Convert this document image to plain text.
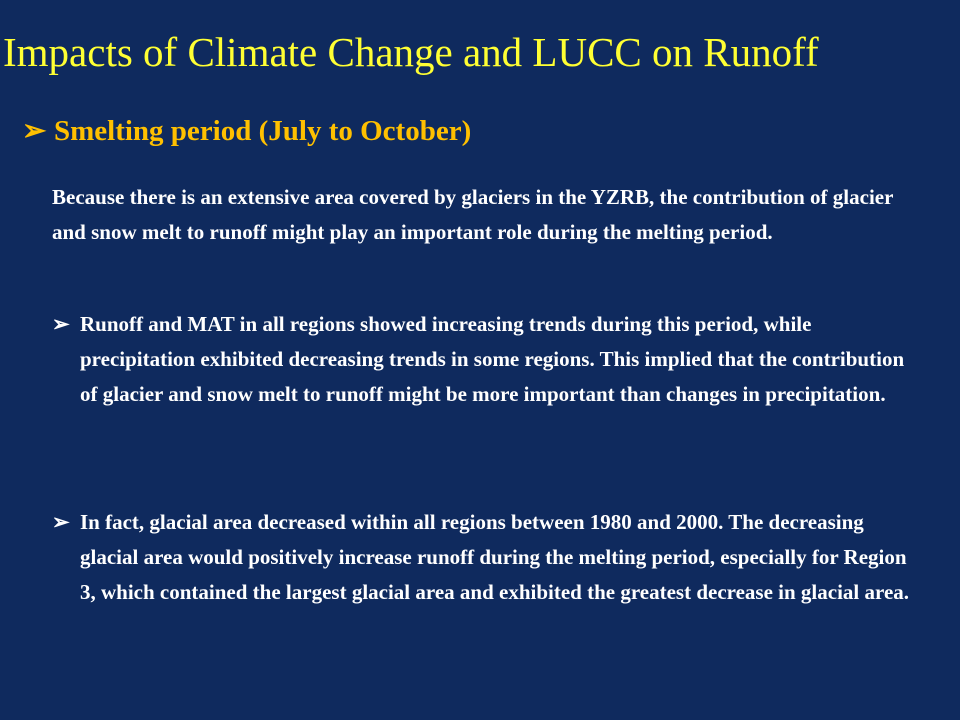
Impacts of Climate Change and LUCC on Runoff
➢ Smelting period (July to October)
Because there is an extensive area covered by glaciers in the YZRB, the contribution of glacier and snow melt to runoff might play an important role during the melting period.
➢ Runoff and MAT in all regions showed increasing trends during this period, while precipitation exhibited decreasing trends in some regions. This implied that the contribution of glacier and snow melt to runoff might be more important than changes in precipitation.
➢ In fact, glacial area decreased within all regions between 1980 and 2000. The decreasing glacial area would positively increase runoff during the melting period, especially for Region 3, which contained the largest glacial area and exhibited the greatest decrease in glacial area.
